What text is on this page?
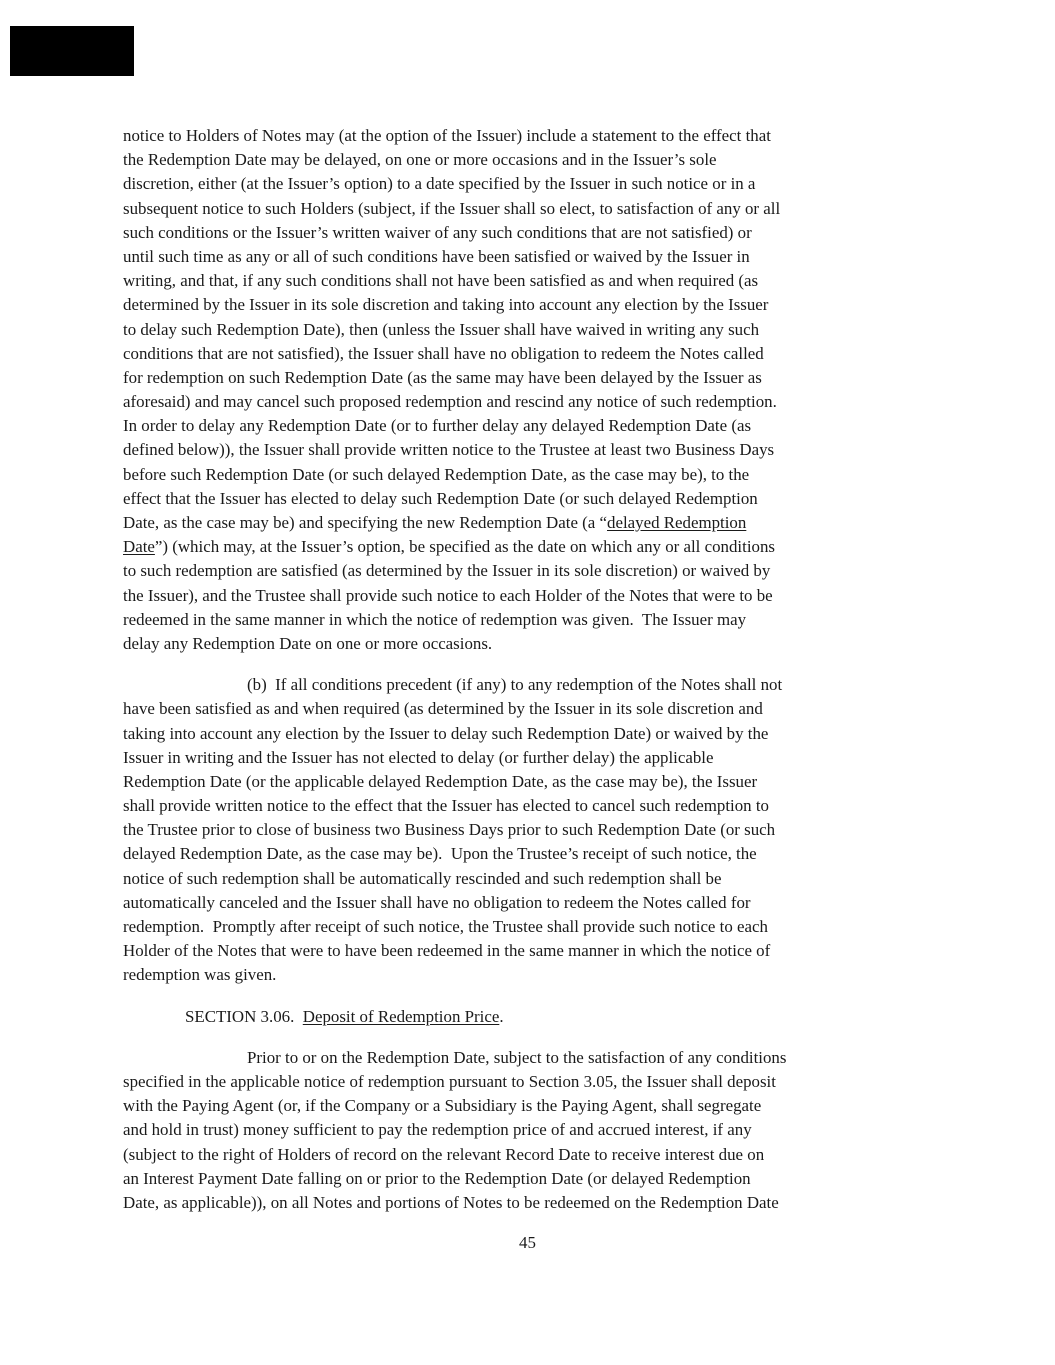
notice to Holders of Notes may (at the option of the Issuer) include a statement to the effect that
the Redemption Date may be delayed, on one or more occasions and in the Issuer’s sole
discretion, either (at the Issuer’s option) to a date specified by the Issuer in such notice or in a
subsequent notice to such Holders (subject, if the Issuer shall so elect, to satisfaction of any or all
such conditions or the Issuer’s written waiver of any such conditions that are not satisfied) or
until such time as any or all of such conditions have been satisfied or waived by the Issuer in
writing, and that, if any such conditions shall not have been satisfied as and when required (as
determined by the Issuer in its sole discretion and taking into account any election by the Issuer
to delay such Redemption Date), then (unless the Issuer shall have waived in writing any such
conditions that are not satisfied), the Issuer shall have no obligation to redeem the Notes called
for redemption on such Redemption Date (as the same may have been delayed by the Issuer as
aforesaid) and may cancel such proposed redemption and rescind any notice of such redemption.
In order to delay any Redemption Date (or to further delay any delayed Redemption Date (as
defined below)), the Issuer shall provide written notice to the Trustee at least two Business Days
before such Redemption Date (or such delayed Redemption Date, as the case may be), to the
effect that the Issuer has elected to delay such Redemption Date (or such delayed Redemption
Date, as the case may be) and specifying the new Redemption Date (a “delayed Redemption
Date”) (which may, at the Issuer’s option, be specified as the date on which any or all conditions
to such redemption are satisfied (as determined by the Issuer in its sole discretion) or waived by
the Issuer), and the Trustee shall provide such notice to each Holder of the Notes that were to be
redeemed in the same manner in which the notice of redemption was given.  The Issuer may
delay any Redemption Date on one or more occasions.
(b)  If all conditions precedent (if any) to any redemption of the Notes shall not
have been satisfied as and when required (as determined by the Issuer in its sole discretion and
taking into account any election by the Issuer to delay such Redemption Date) or waived by the
Issuer in writing and the Issuer has not elected to delay (or further delay) the applicable
Redemption Date (or the applicable delayed Redemption Date, as the case may be), the Issuer
shall provide written notice to the effect that the Issuer has elected to cancel such redemption to
the Trustee prior to close of business two Business Days prior to such Redemption Date (or such
delayed Redemption Date, as the case may be).  Upon the Trustee’s receipt of such notice, the
notice of such redemption shall be automatically rescinded and such redemption shall be
automatically canceled and the Issuer shall have no obligation to redeem the Notes called for
redemption.  Promptly after receipt of such notice, the Trustee shall provide such notice to each
Holder of the Notes that were to have been redeemed in the same manner in which the notice of
redemption was given.
SECTION 3.06.  Deposit of Redemption Price.
Prior to or on the Redemption Date, subject to the satisfaction of any conditions
specified in the applicable notice of redemption pursuant to Section 3.05, the Issuer shall deposit
with the Paying Agent (or, if the Company or a Subsidiary is the Paying Agent, shall segregate
and hold in trust) money sufficient to pay the redemption price of and accrued interest, if any
(subject to the right of Holders of record on the relevant Record Date to receive interest due on
an Interest Payment Date falling on or prior to the Redemption Date (or delayed Redemption
Date, as applicable)), on all Notes and portions of Notes to be redeemed on the Redemption Date
45
